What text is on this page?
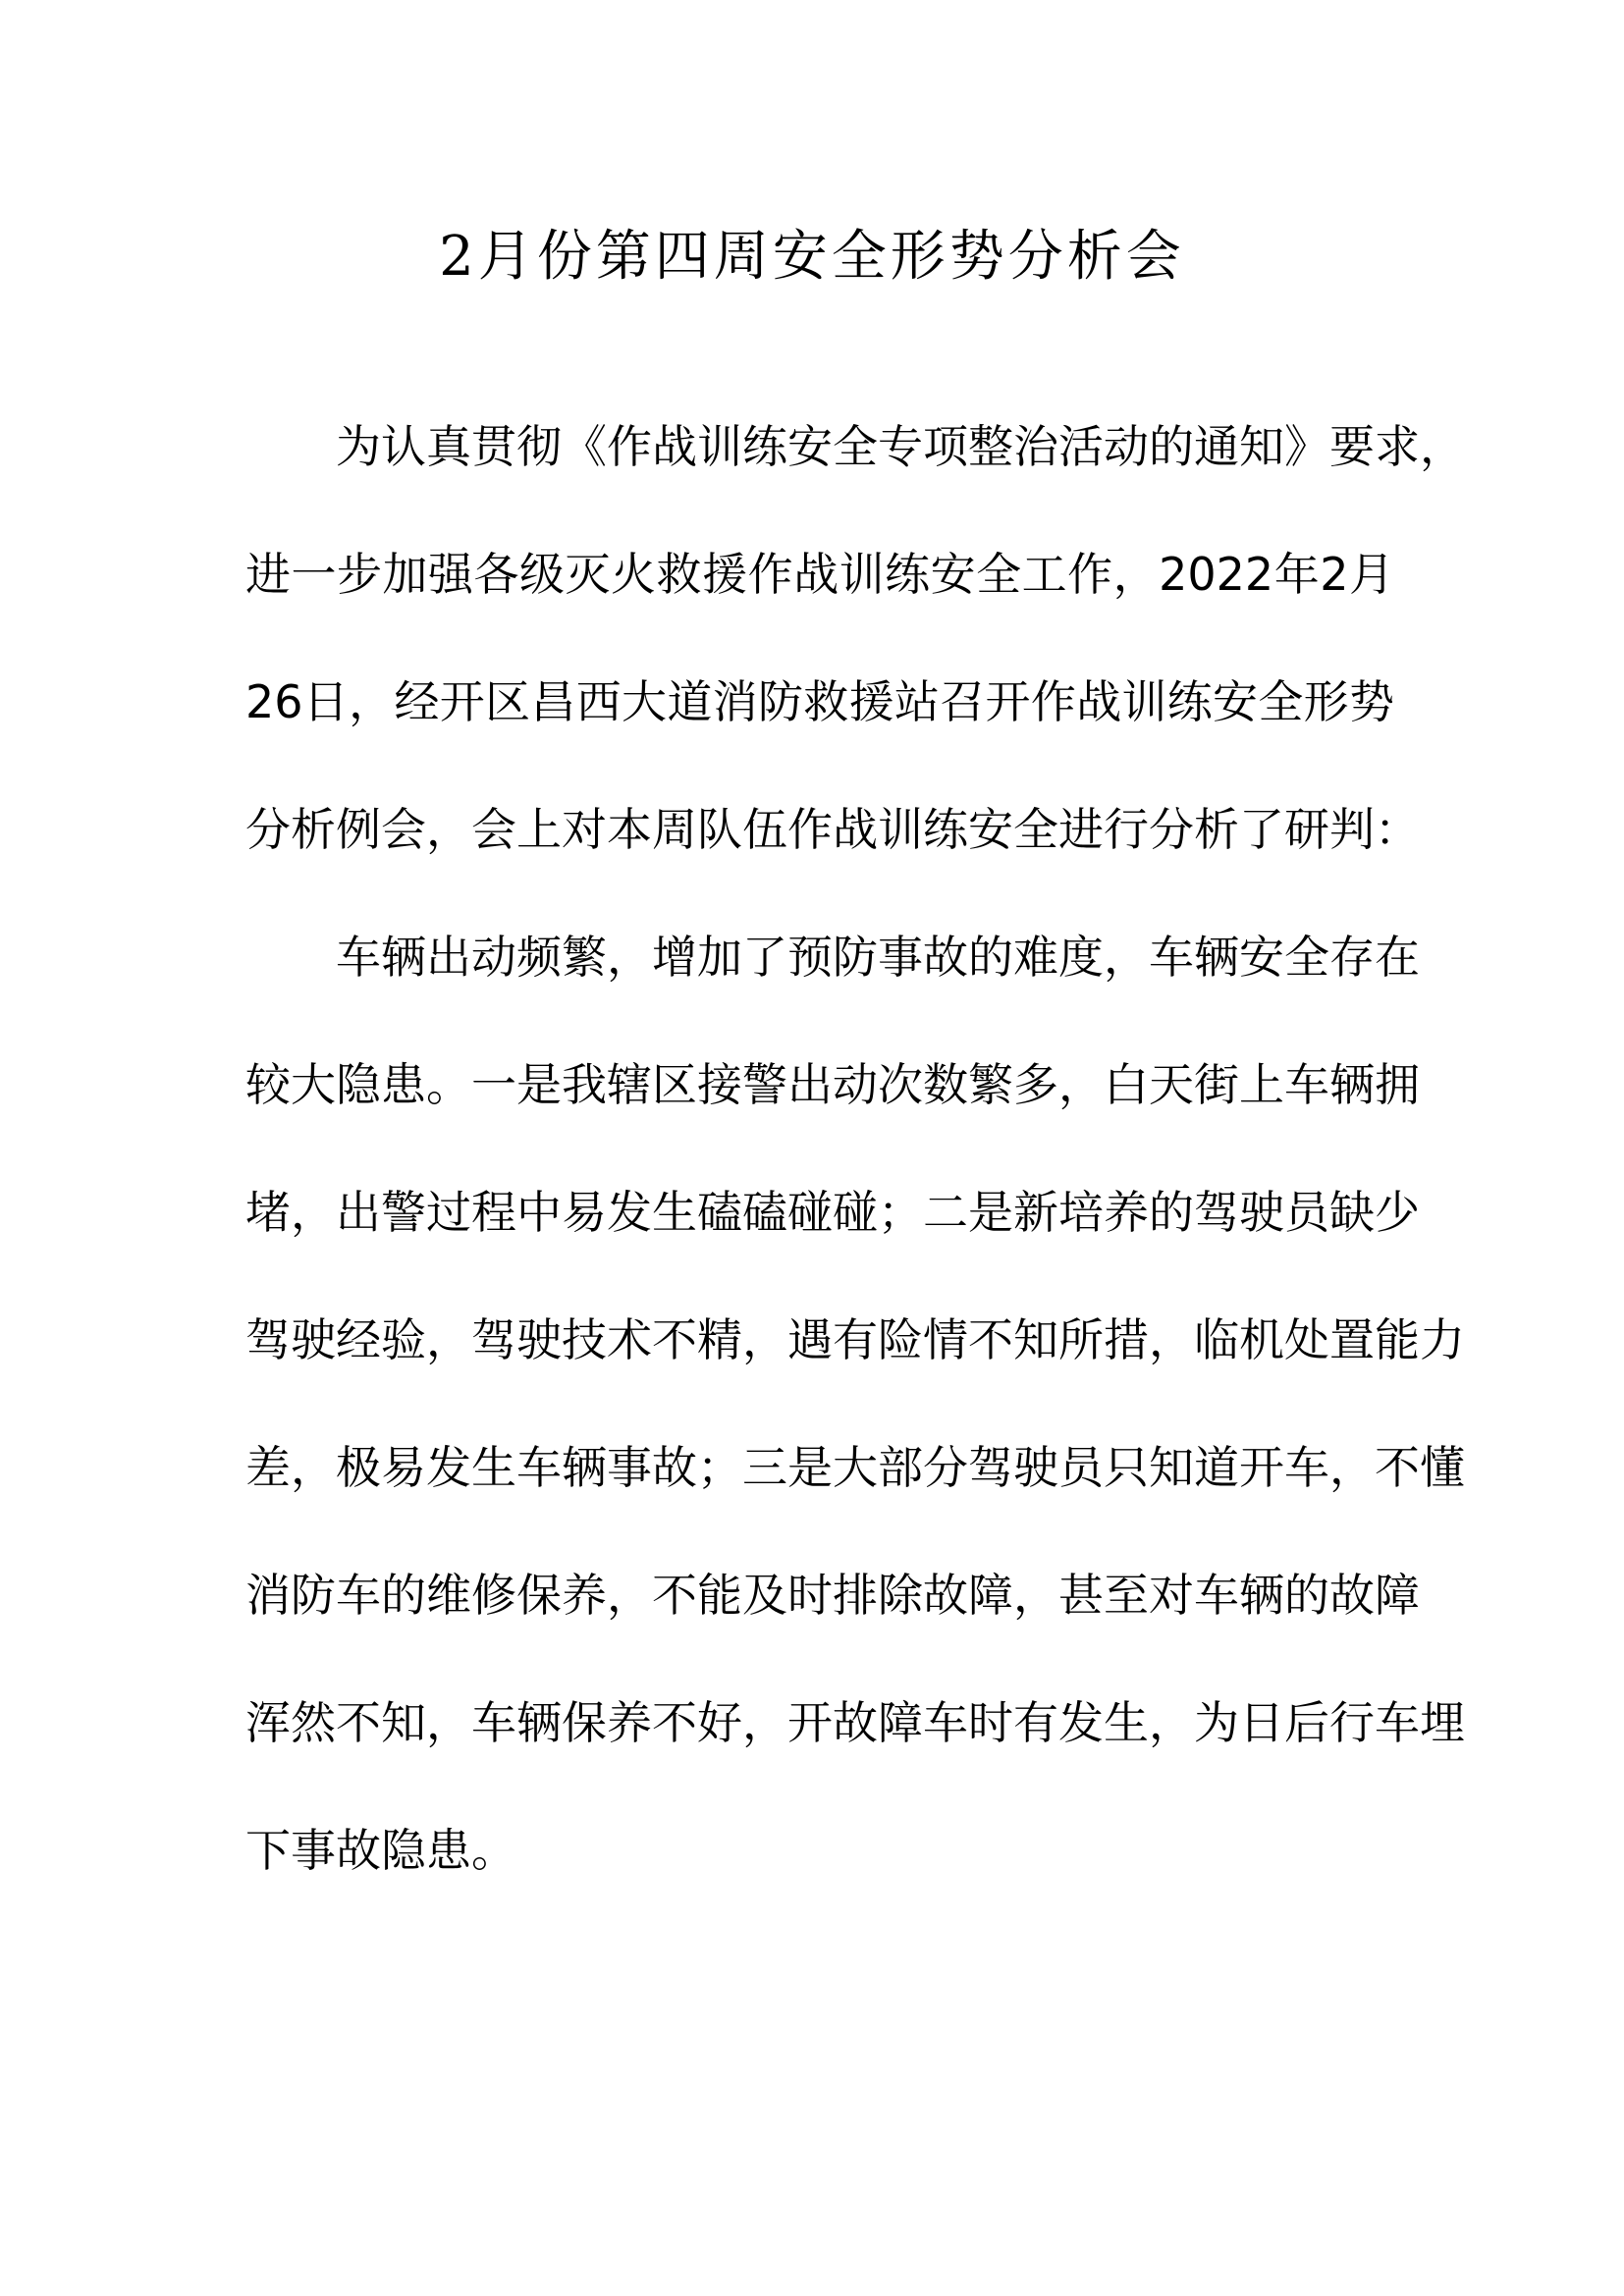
2月份第四周安全形势分析会
为认真贯彻《作战训练安全专项整治活动的通知》要求，
进一步加强各级灭火救援作战训练安全工作，2022年2月
26日，经开区昌西大道消防救援站召开作战训练安全形势
分析例会，会上对本周队伍作战训练安全进行分析了研判：
车辆出动频繁，增加了预防事故的难度，车辆安全存在
较大隐患。一是我辖区接警出动次数繁多，白天街上车辆拥
堵，出警过程中易发生磕磕碰碰；二是新培养的驾驶员缺少
驾驶经验，驾驶技术不精，遇有险情不知所措，临机处置能力
差，极易发生车辆事故；三是大部分驾驶员只知道开车，不懂
消防车的维修保养，不能及时排除故障，甚至对车辆的故障
浑然不知，车辆保养不好，开故障车时有发生，为日后行车埋
下事故隐患。
